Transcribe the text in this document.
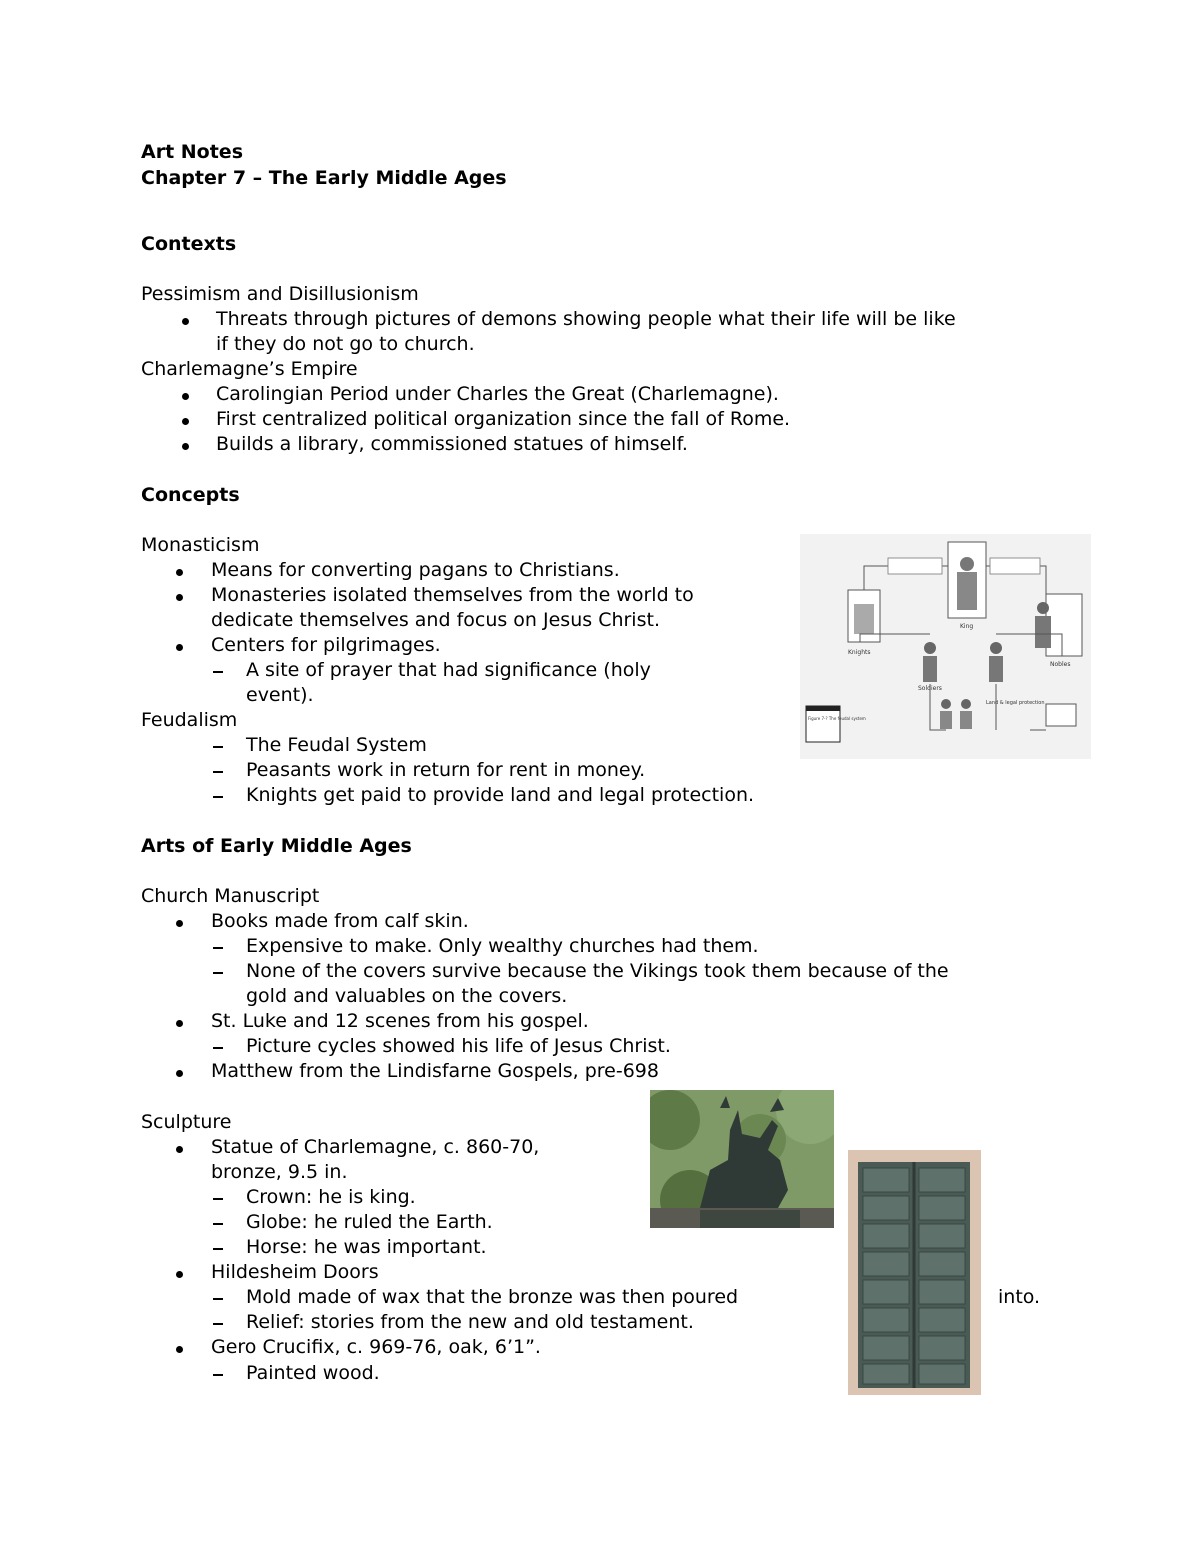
Art Notes
Chapter 7 – The Early Middle Ages
Contexts
Pessimism and Disillusionism
Threats through pictures of demons showing people what their life will be like
if they do not go to church.
Charlemagne’s Empire
Carolingian Period under Charles the Great (Charlemagne).
First centralized political organization since the fall of Rome.
Builds a library, commissioned statues of himself.
Concepts
Monasticism
Means for converting pagans to Christians.
Monasteries isolated themselves from the world to
dedicate themselves and focus on Jesus Christ.
Centers for pilgrimages.
A site of prayer that had significance (holy
event).
Feudalism
The Feudal System
Peasants work in return for rent in money.
Knights get paid to provide land and legal protection.
King
Nobles
Knights
Soldiers
Land & legal protection
Figure 7-? The feudal system
Arts of Early Middle Ages
Church Manuscript
Books made from calf skin.
Expensive to make. Only wealthy churches had them.
None of the covers survive because the Vikings took them because of the
gold and valuables on the covers.
St. Luke and 12 scenes from his gospel.
Picture cycles showed his life of Jesus Christ.
Matthew from the Lindisfarne Gospels, pre-698
Sculpture
Statue of Charlemagne, c. 860-70,
bronze, 9.5 in.
Crown: he is king.
Globe: he ruled the Earth.
Horse: he was important.
Hildesheim Doors
Mold made of wax that the bronze was then poured	into.
Relief: stories from the new and old testament.
Gero Crucifix, c. 969-76, oak, 6’1”.
Painted wood.
